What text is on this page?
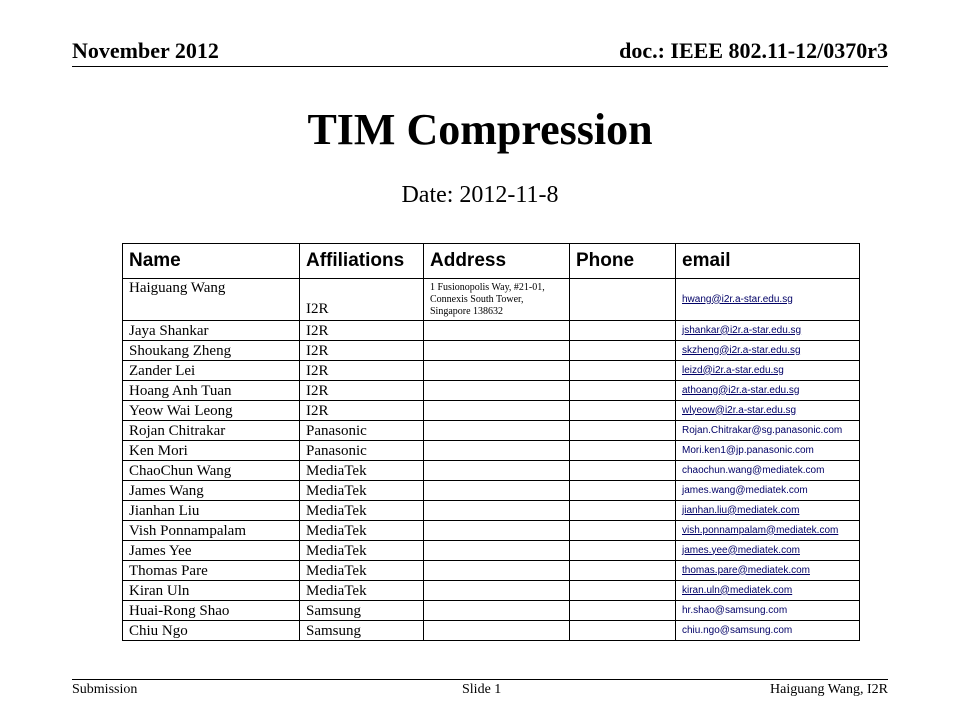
November 2012	doc.: IEEE 802.11-12/0370r3
TIM Compression
Date: 2012-11-8
Name	Affiliations	Address	Phone	email
Haiguang Wang	I2R	1 Fusionopolis Way, #21-01, Connexis South Tower, Singapore 138632		hwang@i2r.a-star.edu.sg
Jaya Shankar	I2R			jshankar@i2r.a-star.edu.sg
Shoukang Zheng	I2R			skzheng@i2r.a-star.edu.sg
Zander Lei	I2R			leizd@i2r.a-star.edu.sg
Hoang Anh Tuan	I2R			athoang@i2r.a-star.edu.sg
Yeow Wai Leong	I2R			wlyeow@i2r.a-star.edu.sg
Rojan Chitrakar	Panasonic			Rojan.Chitrakar@sg.panasonic.com
Ken Mori	Panasonic			Mori.ken1@jp.panasonic.com
ChaoChun Wang	MediaTek			chaochun.wang@mediatek.com
James Wang	MediaTek			james.wang@mediatek.com
Jianhan Liu	MediaTek			jianhan.liu@mediatek.com
Vish Ponnampalam	MediaTek			vish.ponnampalam@mediatek.com
James Yee	MediaTek			james.yee@mediatek.com
Thomas Pare	MediaTek			thomas.pare@mediatek.com
Kiran Uln	MediaTek			kiran.uln@mediatek.com
Huai-Rong Shao	Samsung			hr.shao@samsung.com
Chiu Ngo	Samsung			chiu.ngo@samsung.com
Submission	Slide 1	Haiguang Wang, I2R
